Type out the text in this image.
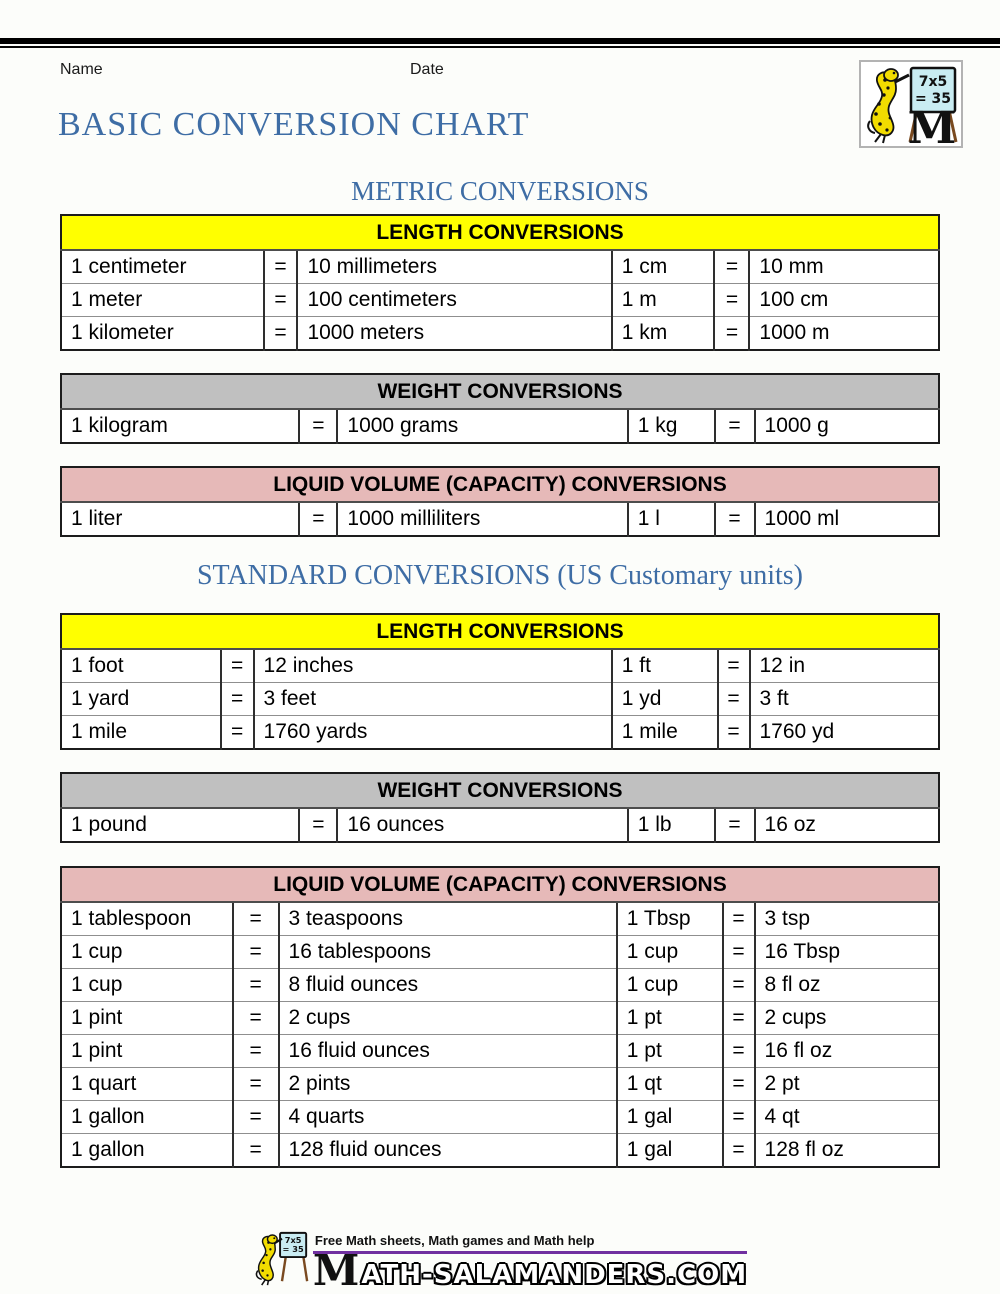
Name	Date
7x5
= 35
M
BASIC CONVERSION CHART
METRIC CONVERSIONS
LENGTH CONVERSIONS					
1 centimeter	=	10 millimeters	1 cm	=	10 mm
1 meter	=	100 centimeters	1 m	=	100 cm
1 kilometer	=	1000 meters	1 km	=	1000 m
WEIGHT CONVERSIONS
1 kilogram	=	1000 grams	1 kg	=	1000 g
LIQUID VOLUME (CAPACITY) CONVERSIONS
1 liter	=	1000 milliliters	1 l	=	1000 ml
STANDARD CONVERSIONS (US Customary units)
LENGTH CONVERSIONS					
1 foot	=	12 inches	1 ft	=	12 in
1 yard	=	3 feet	1 yd	=	3 ft
1 mile	=	1760 yards	1 mile	=	1760 yd
WEIGHT CONVERSIONS
1 pound	=	16 ounces	1 lb	=	16 oz
LIQUID VOLUME (CAPACITY) CONVERSIONS					
1 tablespoon	=	3 teaspoons	1 Tbsp	=	3 tsp
1 cup	=	16 tablespoons	1 cup	=	16 Tbsp
1 cup	=	8 fluid ounces	1 cup	=	8 fl oz
1 pint	=	2 cups	1 pt	=	2 cups
1 pint	=	16 fluid ounces	1 pt	=	16 fl oz
1 quart	=	2 pints	1 qt	=	2 pt
1 gallon	=	4 quarts	1 gal	=	4 qt
1 gallon	=	128 fluid ounces	1 gal	=	128 fl oz
7x5
= 35
Free Math sheets, Math games and Math help
M ATH-SALAMANDERS.COM
